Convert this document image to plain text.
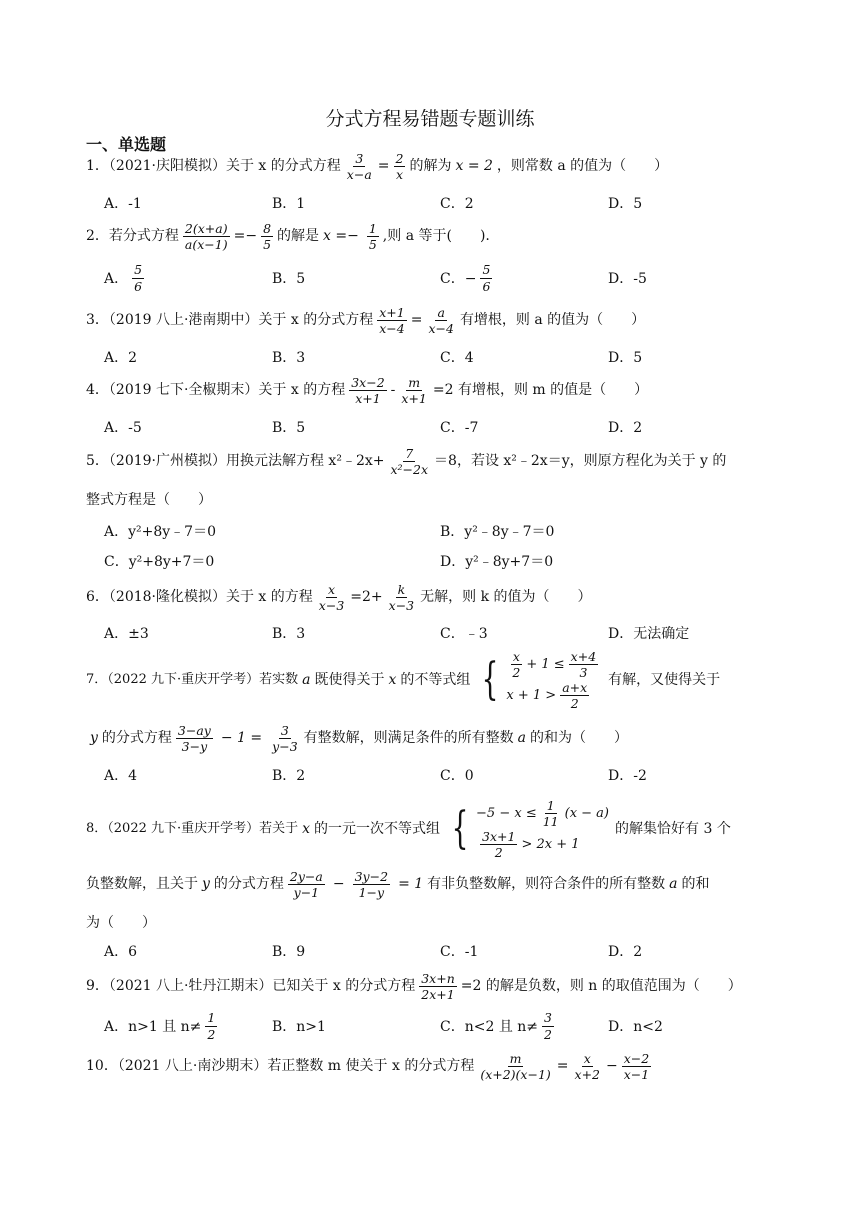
分式方程易错题专题训练
一、单选题
1．（2021·庆阳模拟）关于 x 的分式方程 $\frac{3}{x-a} = \frac{2}{x}$ 的解为 x = 2 ，则常数 a 的值为（　　）
A．-1	B．1	C．2	D．5
2．若分式方程 $\frac{2(x+a)}{a(x-1)} =- \frac{8}{5}$ 的解是 $x =- \frac{1}{5}$ ,则 a 等于(　　).
A． $\frac{5}{6}$	B．5	C．− $\frac{5}{6}$	D．-5
3．（2019 八上·港南期中）关于 x 的分式方程 $\frac{x+1}{x-4} = \frac{a}{x-4}$ 有增根，则 a 的值为（　　）
A．2	B．3	C．4	D．5
4．（2019 七下·全椒期末）关于 x 的方程 $\frac{3x-2}{x+1} - \frac{m}{x+1} =2$ 有增根，则 m 的值是（　　）
A．-5	B．5	C．-7	D．2
5．（2019·广州模拟）用换元法解方程 x²﹣2x+ $\frac{7}{\text{x²−2x}} =8$，若设 x²﹣2x＝y，则原方程化为关于 y 的
整式方程是（　　）
A．y²+8y﹣7＝0	B．y²﹣8y﹣7＝0
C．y²+8y+7＝0	D．y²﹣8y+7＝0
6．（2018·隆化模拟）关于 x 的方程 $\frac{x}{x-3} =2+ \frac{k}{x-3}$ 无解，则 k 的值为（　　）
A．±3	B．3	C．﹣3	D．无法确定
7．（2022 九下·重庆开学考）若实数 a 既使得关于 x 的不等式组 { $\frac{x}{2} + 1 \le \frac{x+4}{3}$
$x + 1 > \frac{a+x}{2}$
有解，又使得关于
y 的分式方程 $\frac{3-ay}{3-y} - 1 = \frac{3}{y-3}$ 有整数解，则满足条件的所有整数 a 的和为（　　）
A．4	B．2	C．0	D．-2
8．（2022 九下·重庆开学考）若关于 x 的一元一次不等式组 { $-5 - x \le \frac{1}{11} (x - a)$
$\frac{3x+1}{2} > 2x + 1$
的解集恰好有 3 个
负整数解，且关于 y 的分式方程 $\frac{2y-a}{y-1} - \frac{3y-2}{1-y} = 1$ 有非负整数解，则符合条件的所有整数 a 的和
为（　　）
A．6	B．9	C．-1	D．2
9．（2021 八上·牡丹江期末）已知关于 x 的分式方程 $\frac{3x+n}{2x+1} =2$ 的解是负数，则 n 的取值范围为（　　）
A．n>1 且 $n\ne \frac{1}{2}$	B．n>1	C．n<2 且 $n\ne \frac{3}{2}$	D．n<2
10．（2021 八上·南沙期末）若正整数 m 使关于 x 的分式方程 $\frac{m}{(x+2)(x-1)} = \frac{x}{x+2} - \frac{x-2}{x-1}$
